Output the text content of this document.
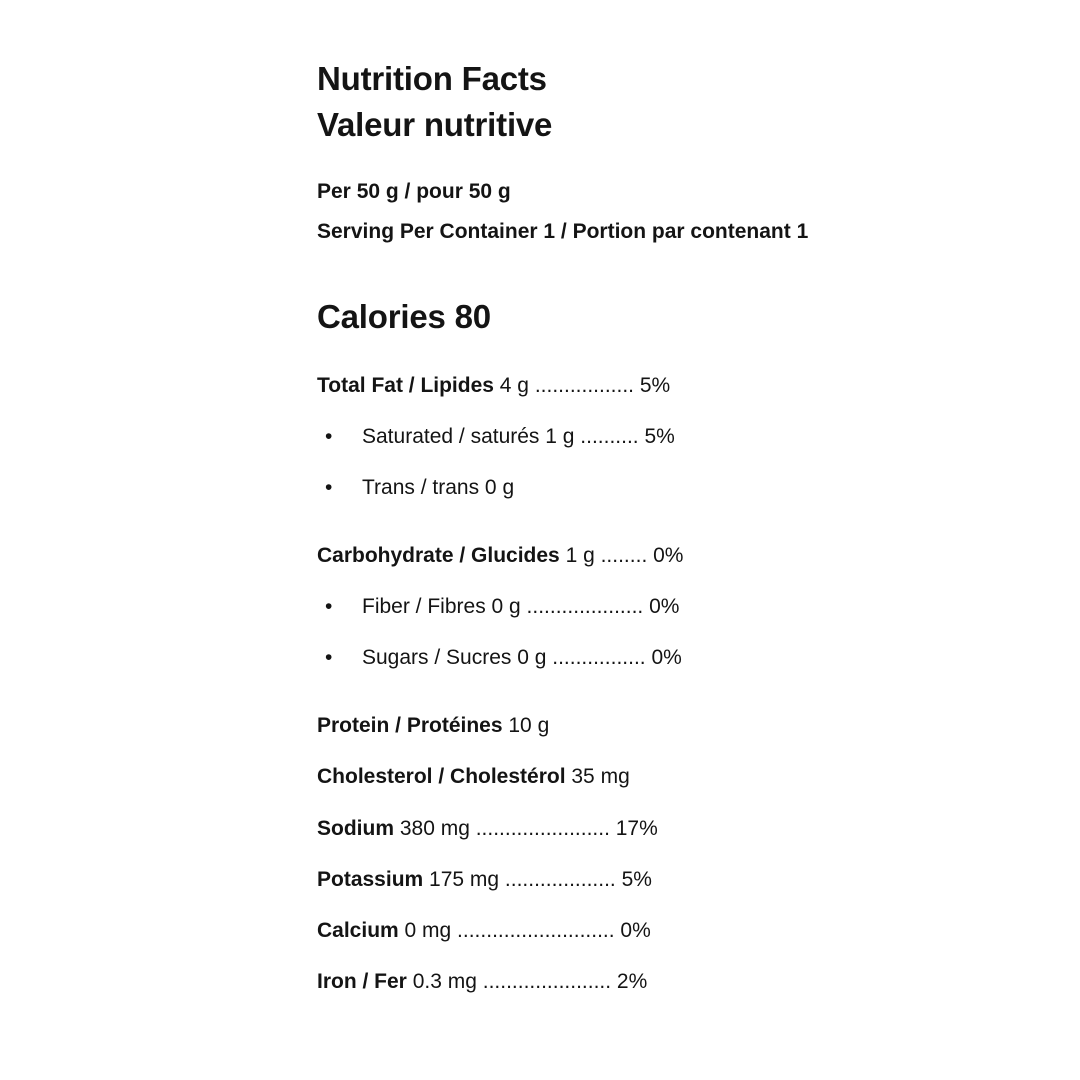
Nutrition Facts
Valeur nutritive
Per 50 g / pour 50 g
Serving Per Container 1 / Portion par contenant 1
Calories 80
Total Fat / Lipides 4 g ................. 5%
• Saturated / saturés 1 g .......... 5%
• Trans / trans 0 g
Carbohydrate / Glucides 1 g ........ 0%
• Fiber / Fibres 0 g .................... 0%
• Sugars / Sucres 0 g ................ 0%
Protein / Protéines 10 g
Cholesterol / Cholestérol 35 mg
Sodium 380 mg ....................... 17%
Potassium 175 mg ................... 5%
Calcium 0 mg ........................... 0%
Iron / Fer 0.3 mg ...................... 2%
